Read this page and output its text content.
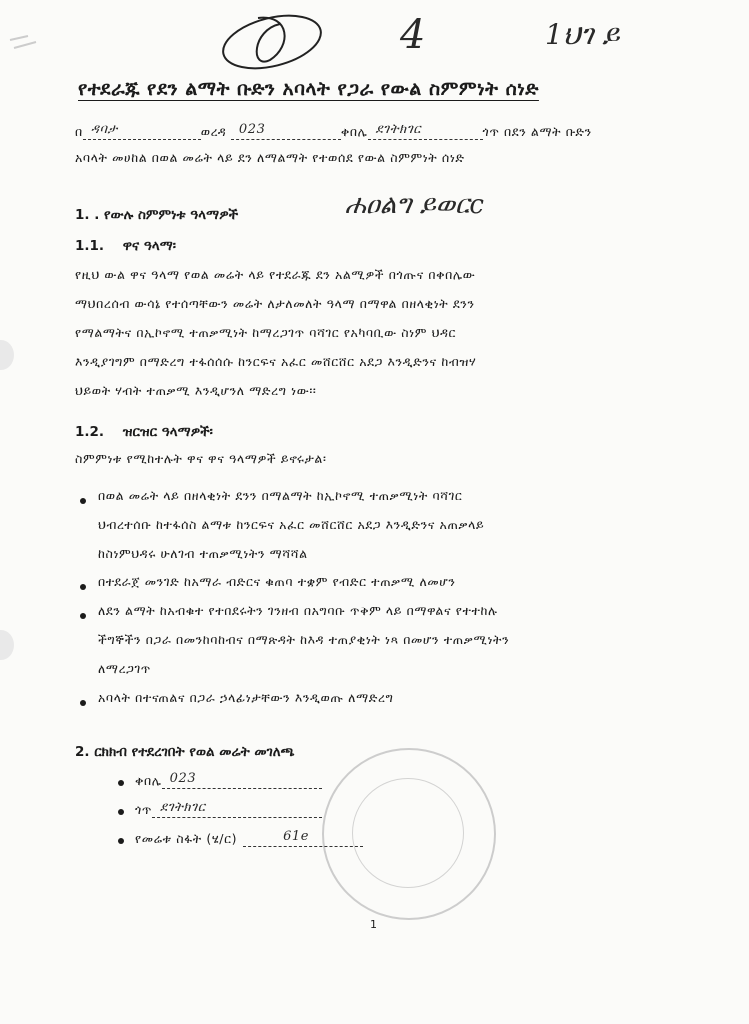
4	1ህገ ይ
የተደራጁ የደን ልማት ቡድን አባላት የጋራ የውል ስምምነት ሰነድ
በ ዳባታ	ወረዳ 023	ቀበሌ ደገትክገር	ጎጥ በደን ልማት ቡድን
አባላት መሀከል በወል መሬት ላይ ደን ለማልማት የተወሰደ የውል ስምምነት ሰነድ
1. . የውሉ ስምምነቱ ዓላማዎች	ሐዐልግ ይወርc
1.1. ዋና ዓላማ፡
የዚህ ውል ዋና ዓላማ የወል መሬት ላይ የተደራጁ ደን አልሚዎች በጎጡና በቀበሌው
ማህበረሰብ ውሳኔ የተሰጣቸውን መሬት ለታለመለት ዓላማ በማዋል በዘላቂነት ደንን
የማልማትና በኢኮኖሚ ተጠቃሚነት ከማረጋገጥ ባሻገር የአካባቢው ስነም ህዳር
እንዲያገግም በማድረግ ተፋሰሰሱ ከንርፍና አፈር መሸርሸር አደጋ እንዲድንና ከብዝሃ
ህይወት ሃብት ተጠቃሚ እንዲሆንለ ማድረግ ነው፡፡
1.2. ዝርዝር ዓላማዎች፡
ስምምነቱ የሚከተሉት ዋና ዋና ዓላማዎች ይኖሩታል፡
በወል መሬት ላይ በዘላቂነት ደንን በማልማት ከኢኮኖሚ ተጠቃሚነት ባሻገር
ህብረተሰቡ ከተፋሰስ ልማቱ ከንርፍና አፈር መሸርሸር አደጋ እንዲድንና አጠቃላይ
ከስነምህዳሩ ሁለገብ ተጠቃሚነትን ማሻሻል
በተደራጀ መንገድ ከአማራ ብድርና ቁጠባ ተቋም የብድር ተጠቃሚ ለመሆን
ለደን ልማት ከአብቁተ የተበደሩትን ገንዘብ በአግባቡ ጥቅም ላይ በማዋልና የተተከሉ
ችግኞችን በጋራ በመንከባከብና በማጽዳት ከእዳ ተጠያቂነት ነጻ በመሆን ተጠቃሚነትን
ለማረጋገጥ
አባላት በተናጠልና በጋራ ኃላፊነታቸውን እንዲወጡ ለማድረግ
2. ርክክብ የተደረገበት የወል መሬት መገለጫ
ቀበሌ 023
ጎጥ ደገትክገር
የመሬቱ ስፋት (ሄ/ር)	61e
1
